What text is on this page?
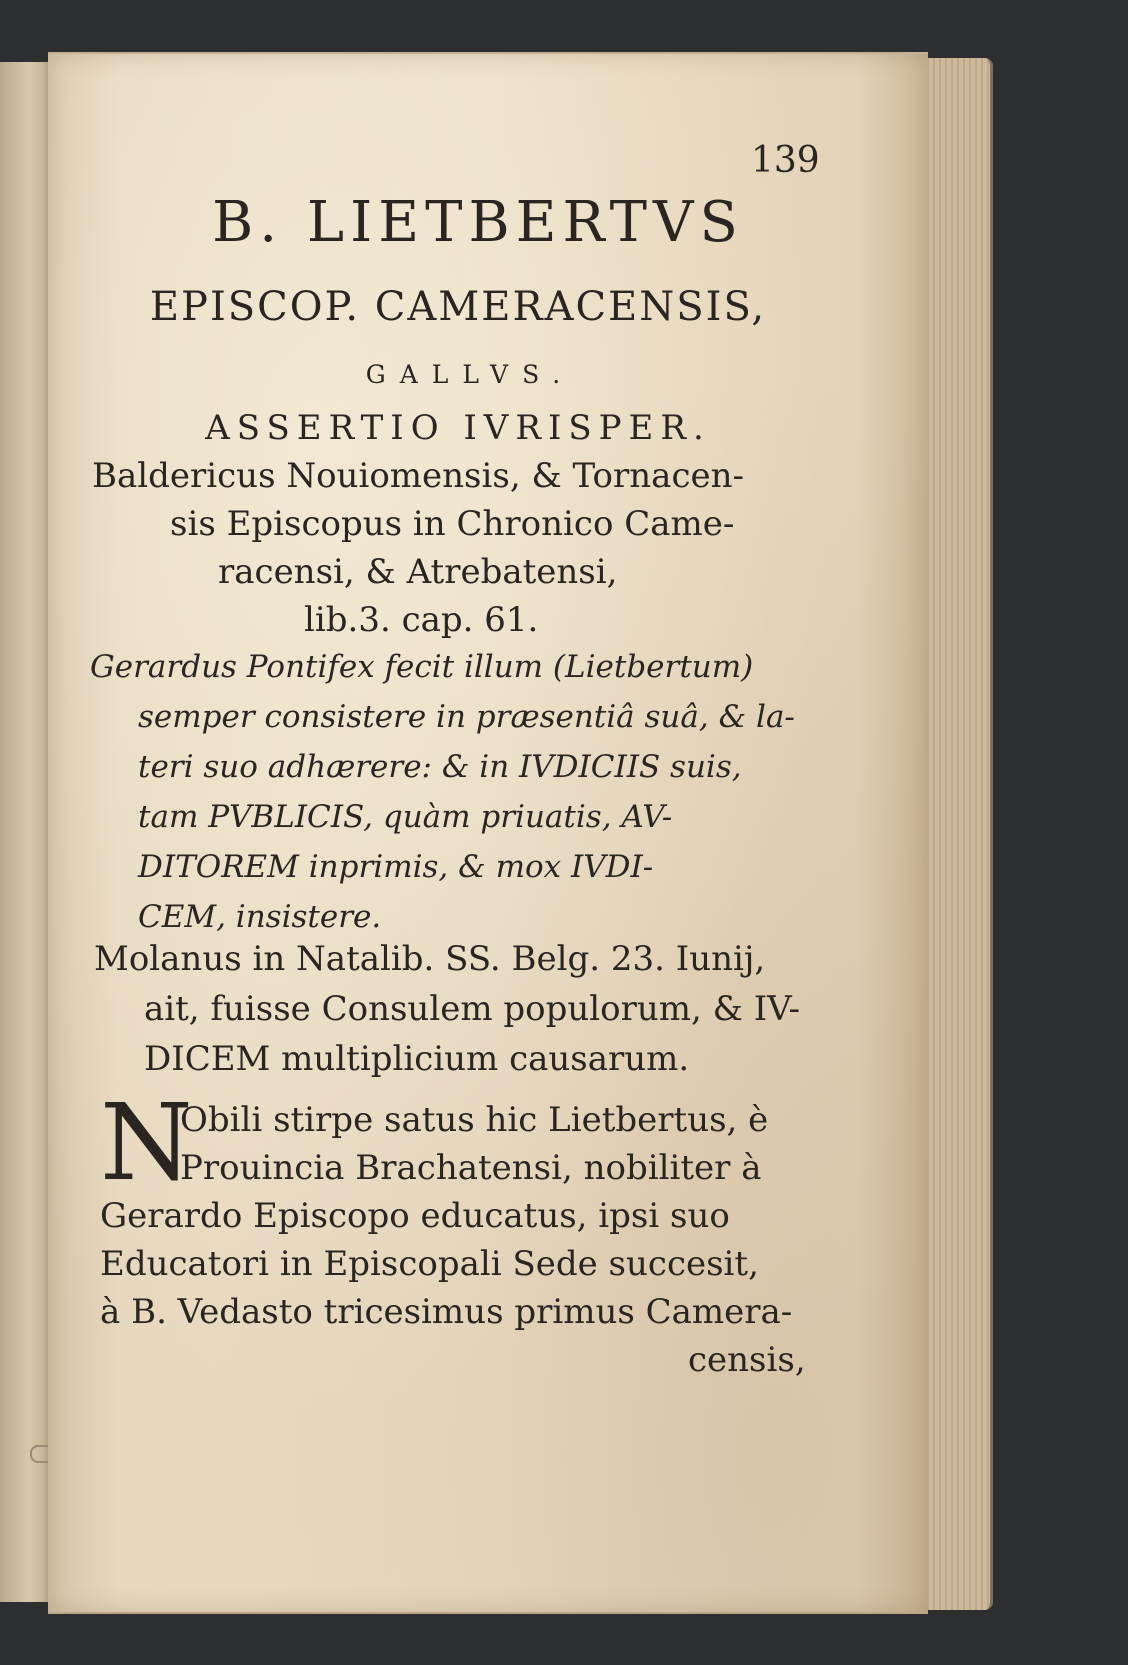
139
B. LIETBERTVS
EPISCOP. CAMERACENSIS,
GALLVS.
ASSERTIO IVRISPER.
Baldericus Nouiomensis, & Tornacen-
sis Episcopus in Chronico Came-
racensi, & Atrebatensi,
lib.3. cap. 61.
Gerardus Pontifex fecit illum (Lietbertum)
semper consistere in præsentiâ suâ, & la-
teri suo adhærere: & in IVDICIIS suis,
tam PVBLICIS, quàm priuatis, AV-
DITOREM inprimis, & mox IVDI-
CEM, insistere.
Molanus in Natalib. SS. Belg. 23. Iunij,
ait, fuisse Consulem populorum, & IV-
DICEM multiplicium causarum.
N
Obili stirpe satus hic Lietbertus, è
Prouincia Brachatensi, nobiliter à
Gerardo Episcopo educatus, ipsi suo
Educatori in Episcopali Sede succesit,
à B. Vedasto tricesimus primus Camera-
censis,
